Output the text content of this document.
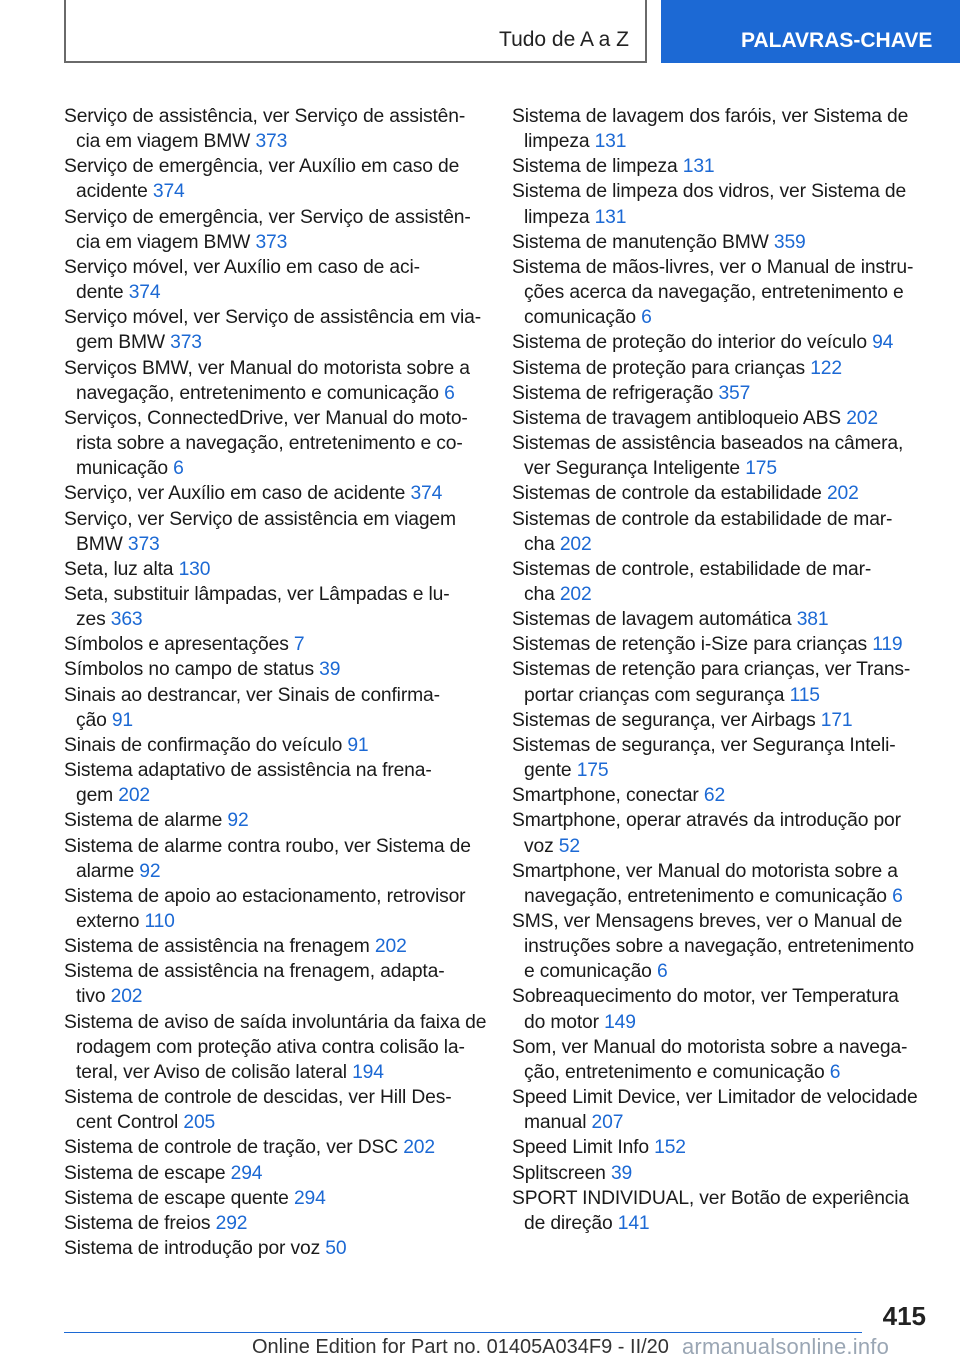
Tudo de A a Z	PALAVRAS-CHAVE

Serviço de assistência, ver Serviço de assistên-
cia em viagem BMW 373

Serviço de emergência, ver Auxílio em caso de
acidente 374

Serviço de emergência, ver Serviço de assistên-
cia em viagem BMW 373

Serviço móvel, ver Auxílio em caso de aci-
dente 374

Serviço móvel, ver Serviço de assistência em via-
gem BMW 373

Serviços BMW, ver Manual do motorista sobre a
navegação, entretenimento e comunicação 6

Serviços, ConnectedDrive, ver Manual do moto-
rista sobre a navegação, entretenimento e co-
municação 6

Serviço, ver Auxílio em caso de acidente 374

Serviço, ver Serviço de assistência em viagem
BMW 373

Seta, luz alta 130

Seta, substituir lâmpadas, ver Lâmpadas e lu-
zes 363

Símbolos e apresentações 7

Símbolos no campo de status 39

Sinais ao destrancar, ver Sinais de confirma-
ção 91

Sinais de confirmação do veículo 91

Sistema adaptativo de assistência na frena-
gem 202

Sistema de alarme 92

Sistema de alarme contra roubo, ver Sistema de
alarme 92

Sistema de apoio ao estacionamento, retrovisor
externo 110

Sistema de assistência na frenagem 202

Sistema de assistência na frenagem, adapta-
tivo 202

Sistema de aviso de saída involuntária da faixa de
rodagem com proteção ativa contra colisão la-
teral, ver Aviso de colisão lateral 194

Sistema de controle de descidas, ver Hill Des-
cent Control 205

Sistema de controle de tração, ver DSC 202

Sistema de escape 294

Sistema de escape quente 294

Sistema de freios 292

Sistema de introdução por voz 50

Sistema de lavagem dos faróis, ver Sistema de
limpeza 131

Sistema de limpeza 131

Sistema de limpeza dos vidros, ver Sistema de
limpeza 131

Sistema de manutenção BMW 359

Sistema de mãos-livres, ver o Manual de instru-
ções acerca da navegação, entretenimento e
comunicação 6

Sistema de proteção do interior do veículo 94

Sistema de proteção para crianças 122

Sistema de refrigeração 357

Sistema de travagem antibloqueio ABS 202

Sistemas de assistência baseados na câmera,
ver Segurança Inteligente 175

Sistemas de controle da estabilidade 202

Sistemas de controle da estabilidade de mar-
cha 202

Sistemas de controle, estabilidade de mar-
cha 202

Sistemas de lavagem automática 381

Sistemas de retenção i-Size para crianças 119

Sistemas de retenção para crianças, ver Trans-
portar crianças com segurança 115

Sistemas de segurança, ver Airbags 171

Sistemas de segurança, ver Segurança Inteli-
gente 175

Smartphone, conectar 62

Smartphone, operar através da introdução por
voz 52

Smartphone, ver Manual do motorista sobre a
navegação, entretenimento e comunicação 6

SMS, ver Mensagens breves, ver o Manual de
instruções sobre a navegação, entretenimento
e comunicação 6

Sobreaquecimento do motor, ver Temperatura
do motor 149

Som, ver Manual do motorista sobre a navega-
ção, entretenimento e comunicação 6

Speed Limit Device, ver Limitador de velocidade
manual 207

Speed Limit Info 152

Splitscreen 39

SPORT INDIVIDUAL, ver Botão de experiência
de direção 141

415
Online Edition for Part no. 01405A034F9 - II/20 armanualsonline.info
